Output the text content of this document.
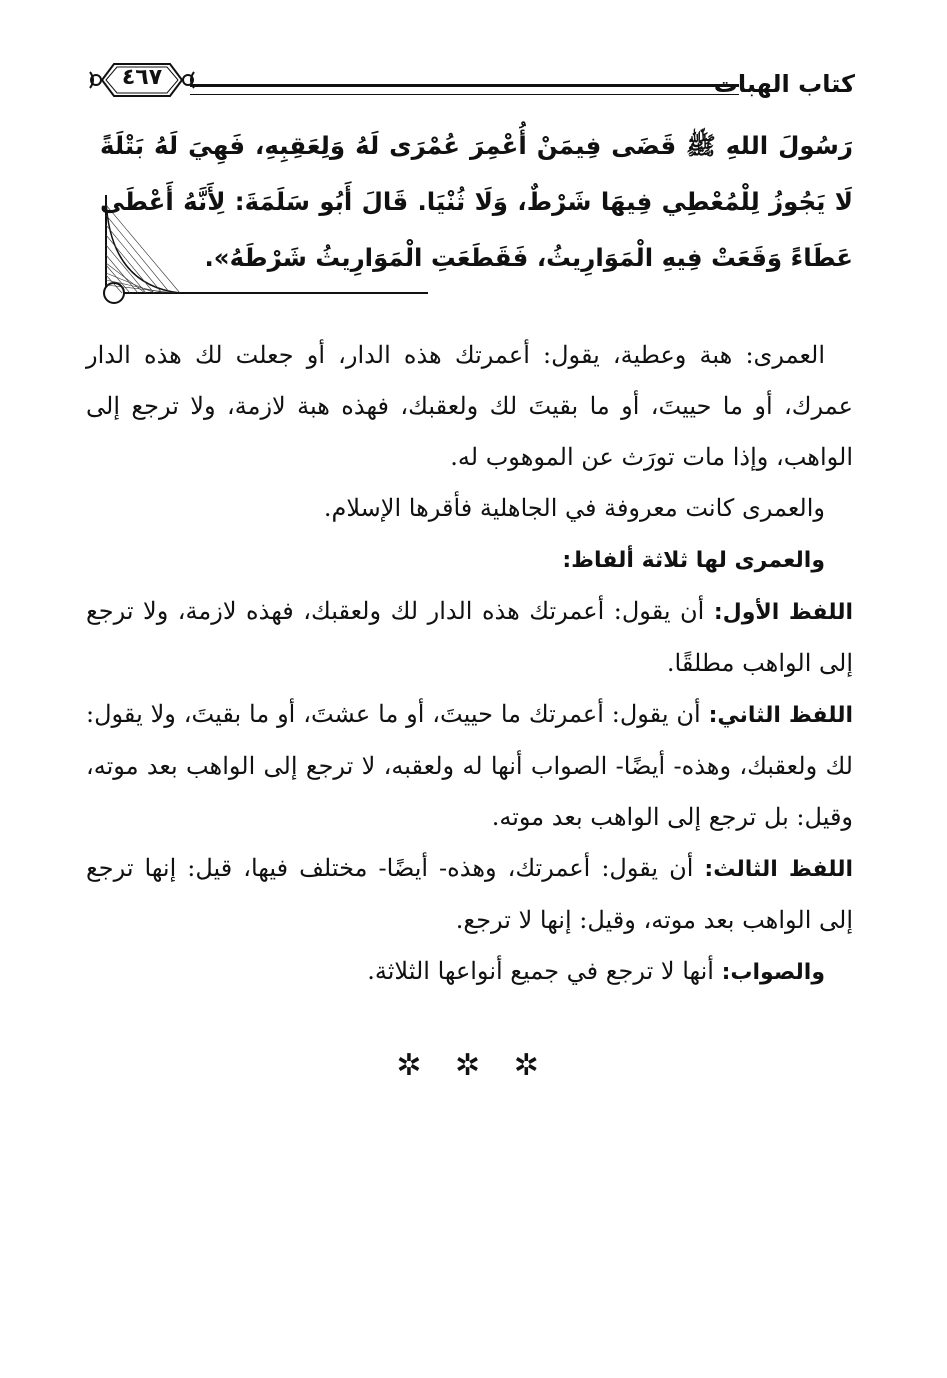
كتاب الهبات
٤٦٧

رَسُولَ اللهِ ﷺ قَضَى فِيمَنْ أُعْمِرَ عُمْرَى لَهُ وَلِعَقِبِهِ، فَهِيَ لَهُ بَتْلَةً لَا يَجُوزُ لِلْمُعْطِي فِيهَا شَرْطٌ، وَلَا ثُنْيَا. قَالَ أَبُو سَلَمَةَ: لِأَنَّهُ أَعْطَى عَطَاءً وَقَعَتْ فِيهِ الْمَوَارِيثُ، فَقَطَعَتِ الْمَوَارِيثُ شَرْطَهُ».

العمرى: هبة وعطية، يقول: أعمرتك هذه الدار، أو جعلت لك هذه الدار عمرك، أو ما حييتَ، أو ما بقيتَ لك ولعقبك، فهذه هبة لازمة، ولا ترجع إلى الواهب، وإذا مات تورَث عن الموهوب له.

والعمرى كانت معروفة في الجاهلية فأقرها الإسلام.

والعمرى لها ثلاثة ألفاظ:

اللفظ الأول: أن يقول: أعمرتك هذه الدار لك ولعقبك، فهذه لازمة، ولا ترجع إلى الواهب مطلقًا.

اللفظ الثاني: أن يقول: أعمرتك ما حييتَ، أو ما عشتَ، أو ما بقيتَ، ولا يقول: لك ولعقبك، وهذه- أيضًا- الصواب أنها له ولعقبه، لا ترجع إلى الواهب بعد موته، وقيل: بل ترجع إلى الواهب بعد موته.

اللفظ الثالث: أن يقول: أعمرتك، وهذه- أيضًا- مختلف فيها، قيل: إنها ترجع إلى الواهب بعد موته، وقيل: إنها لا ترجع.

والصواب: أنها لا ترجع في جميع أنواعها الثلاثة.

✲ ✲ ✲
